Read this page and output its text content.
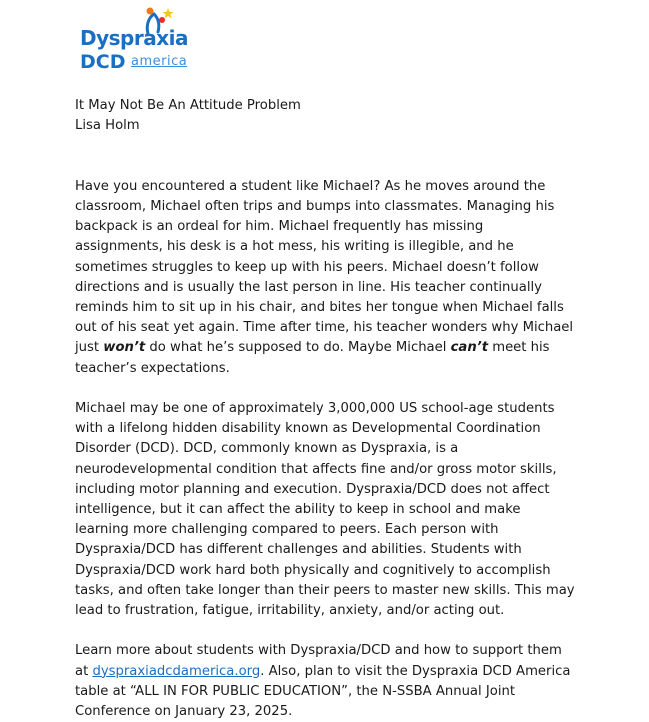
Dyspraxia
DCD america

It May Not Be An Attitude Problem

Lisa Holm

Have you encountered a student like Michael? As he moves around the classroom, Michael often trips and bumps into classmates. Managing his backpack is an ordeal for him. Michael frequently has missing assignments, his desk is a hot mess, his writing is illegible, and he sometimes struggles to keep up with his peers. Michael doesn’t follow directions and is usually the last person in line. His teacher continually reminds him to sit up in his chair, and bites her tongue when Michael falls out of his seat yet again. Time after time, his teacher wonders why Michael just won’t do what he’s supposed to do. Maybe Michael can’t meet his teacher’s expectations.

Michael may be one of approximately 3,000,000 US school-age students with a lifelong hidden disability known as Developmental Coordination Disorder (DCD). DCD, commonly known as Dyspraxia, is a neurodevelopmental condition that affects fine and/or gross motor skills, including motor planning and execution. Dyspraxia/DCD does not affect intelligence, but it can affect the ability to keep in school and make learning more challenging compared to peers. Each person with Dyspraxia/DCD has different challenges and abilities. Students with Dyspraxia/DCD work hard both physically and cognitively to accomplish tasks, and often take longer than their peers to master new skills. This may lead to frustration, fatigue, irritability, anxiety, and/or acting out.

Learn more about students with Dyspraxia/DCD and how to support them at dyspraxiadcdamerica.org. Also, plan to visit the Dyspraxia DCD America table at “ALL IN FOR PUBLIC EDUCATION”, the N-SSBA Annual Joint Conference on January 23, 2025.
